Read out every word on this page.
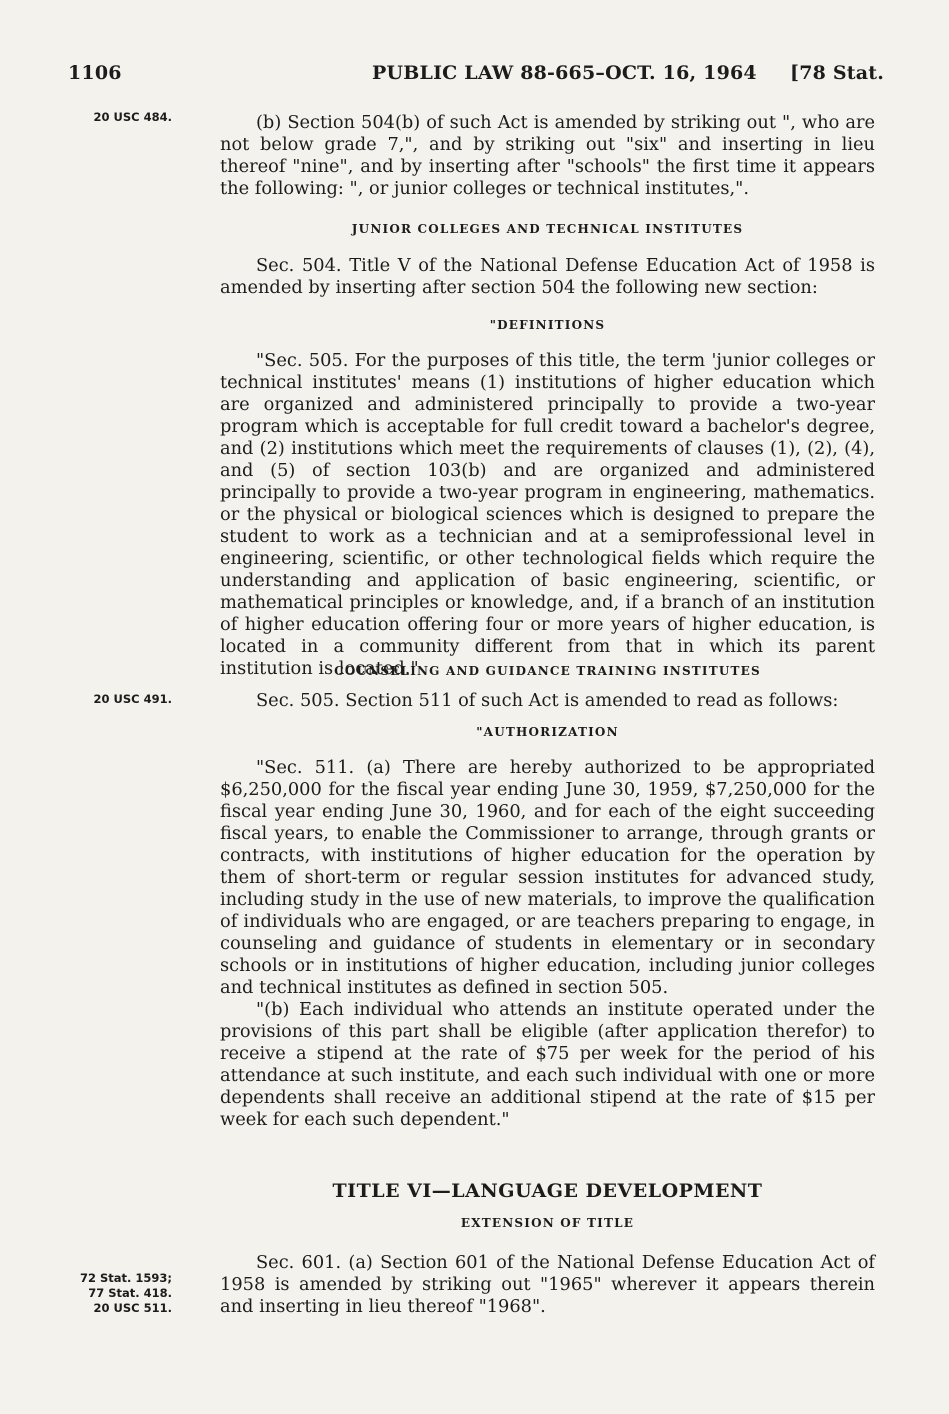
1106	PUBLIC LAW 88-665–OCT. 16, 1964 [78 Stat.
20 USC 484.
20 USC 491.
72 Stat. 1593;
77 Stat. 418.
20 USC 511.

(b) Section 504(b) of such Act is amended by striking out ", who are not below grade 7,", and by striking out "six" and inserting in lieu thereof "nine", and by inserting after "schools" the first time it appears the following: ", or junior colleges or technical institutes,".

JUNIOR COLLEGES AND TECHNICAL INSTITUTES

Sec. 504. Title V of the National Defense Education Act of 1958 is amended by inserting after section 504 the following new section:

"DEFINITIONS

"Sec. 505. For the purposes of this title, the term 'junior colleges or technical institutes' means (1) institutions of higher education which are organized and administered principally to provide a two-year program which is acceptable for full credit toward a bachelor's degree, and (2) institutions which meet the requirements of clauses (1), (2), (4), and (5) of section 103(b) and are organized and administered principally to provide a two-year program in engineering, mathematics. or the physical or biological sciences which is designed to prepare the student to work as a technician and at a semiprofessional level in engineering, scientific, or other technological fields which require the understanding and application of basic engineering, scientific, or mathematical principles or knowledge, and, if a branch of an institution of higher education offering four or more years of higher education, is located in a community different from that in which its parent institution is located."

COUNSELING AND GUIDANCE TRAINING INSTITUTES

Sec. 505. Section 511 of such Act is amended to read as follows:

"AUTHORIZATION

"Sec. 511. (a) There are hereby authorized to be appropriated $6,250,000 for the fiscal year ending June 30, 1959, $7,250,000 for the fiscal year ending June 30, 1960, and for each of the eight succeeding fiscal years, to enable the Commissioner to arrange, through grants or contracts, with institutions of higher education for the operation by them of short-term or regular session institutes for advanced study, including study in the use of new materials, to improve the qualification of individuals who are engaged, or are teachers preparing to engage, in counseling and guidance of students in elementary or in secondary schools or in institutions of higher education, including junior colleges and technical institutes as defined in section 505.

"(b) Each individual who attends an institute operated under the provisions of this part shall be eligible (after application therefor) to receive a stipend at the rate of $75 per week for the period of his attendance at such institute, and each such individual with one or more dependents shall receive an additional stipend at the rate of $15 per week for each such dependent."

TITLE VI—LANGUAGE DEVELOPMENT
EXTENSION OF TITLE

Sec. 601. (a) Section 601 of the National Defense Education Act of 1958 is amended by striking out "1965" wherever it appears therein and inserting in lieu thereof "1968".
